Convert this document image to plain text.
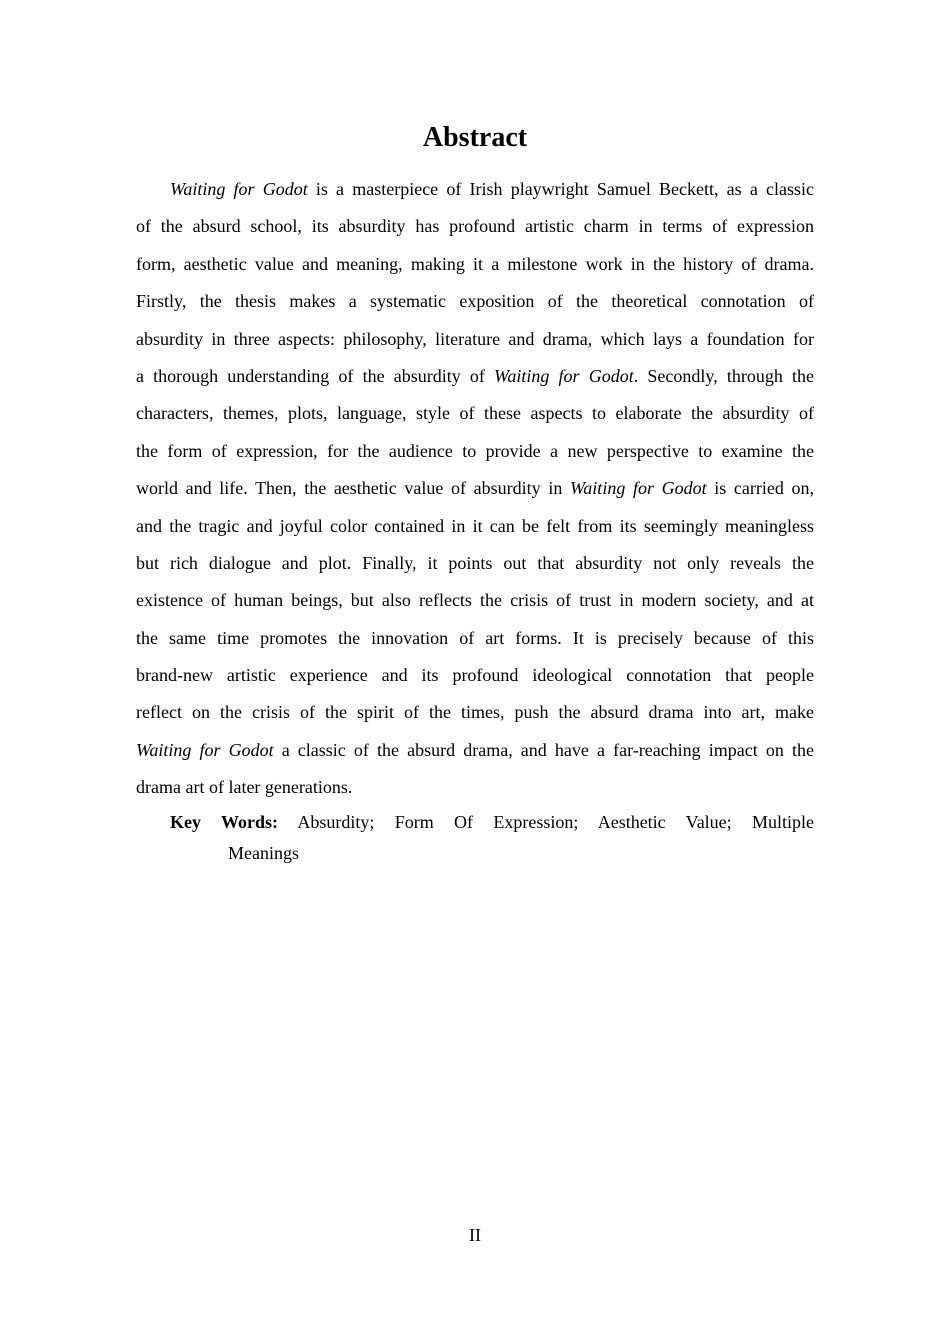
Abstract
Waiting for Godot is a masterpiece of Irish playwright Samuel Beckett, as a classic
of the absurd school, its absurdity has profound artistic charm in terms of expression
form, aesthetic value and meaning, making it a milestone work in the history of drama.
Firstly, the thesis makes a systematic exposition of the theoretical connotation of
absurdity in three aspects: philosophy, literature and drama, which lays a foundation for
a thorough understanding of the absurdity of Waiting for Godot. Secondly, through the
characters, themes, plots, language, style of these aspects to elaborate the absurdity of
the form of expression, for the audience to provide a new perspective to examine the
world and life. Then, the aesthetic value of absurdity in Waiting for Godot is carried on,
and the tragic and joyful color contained in it can be felt from its seemingly meaningless
but rich dialogue and plot. Finally, it points out that absurdity not only reveals the
existence of human beings, but also reflects the crisis of trust in modern society, and at
the same time promotes the innovation of art forms. It is precisely because of this
brand-new artistic experience and its profound ideological connotation that people
reflect on the crisis of the spirit of the times, push the absurd drama into art, make
Waiting for Godot a classic of the absurd drama, and have a far-reaching impact on the
drama art of later generations.
Key Words: Absurdity; Form Of Expression; Aesthetic Value; Multiple
Meanings
II
